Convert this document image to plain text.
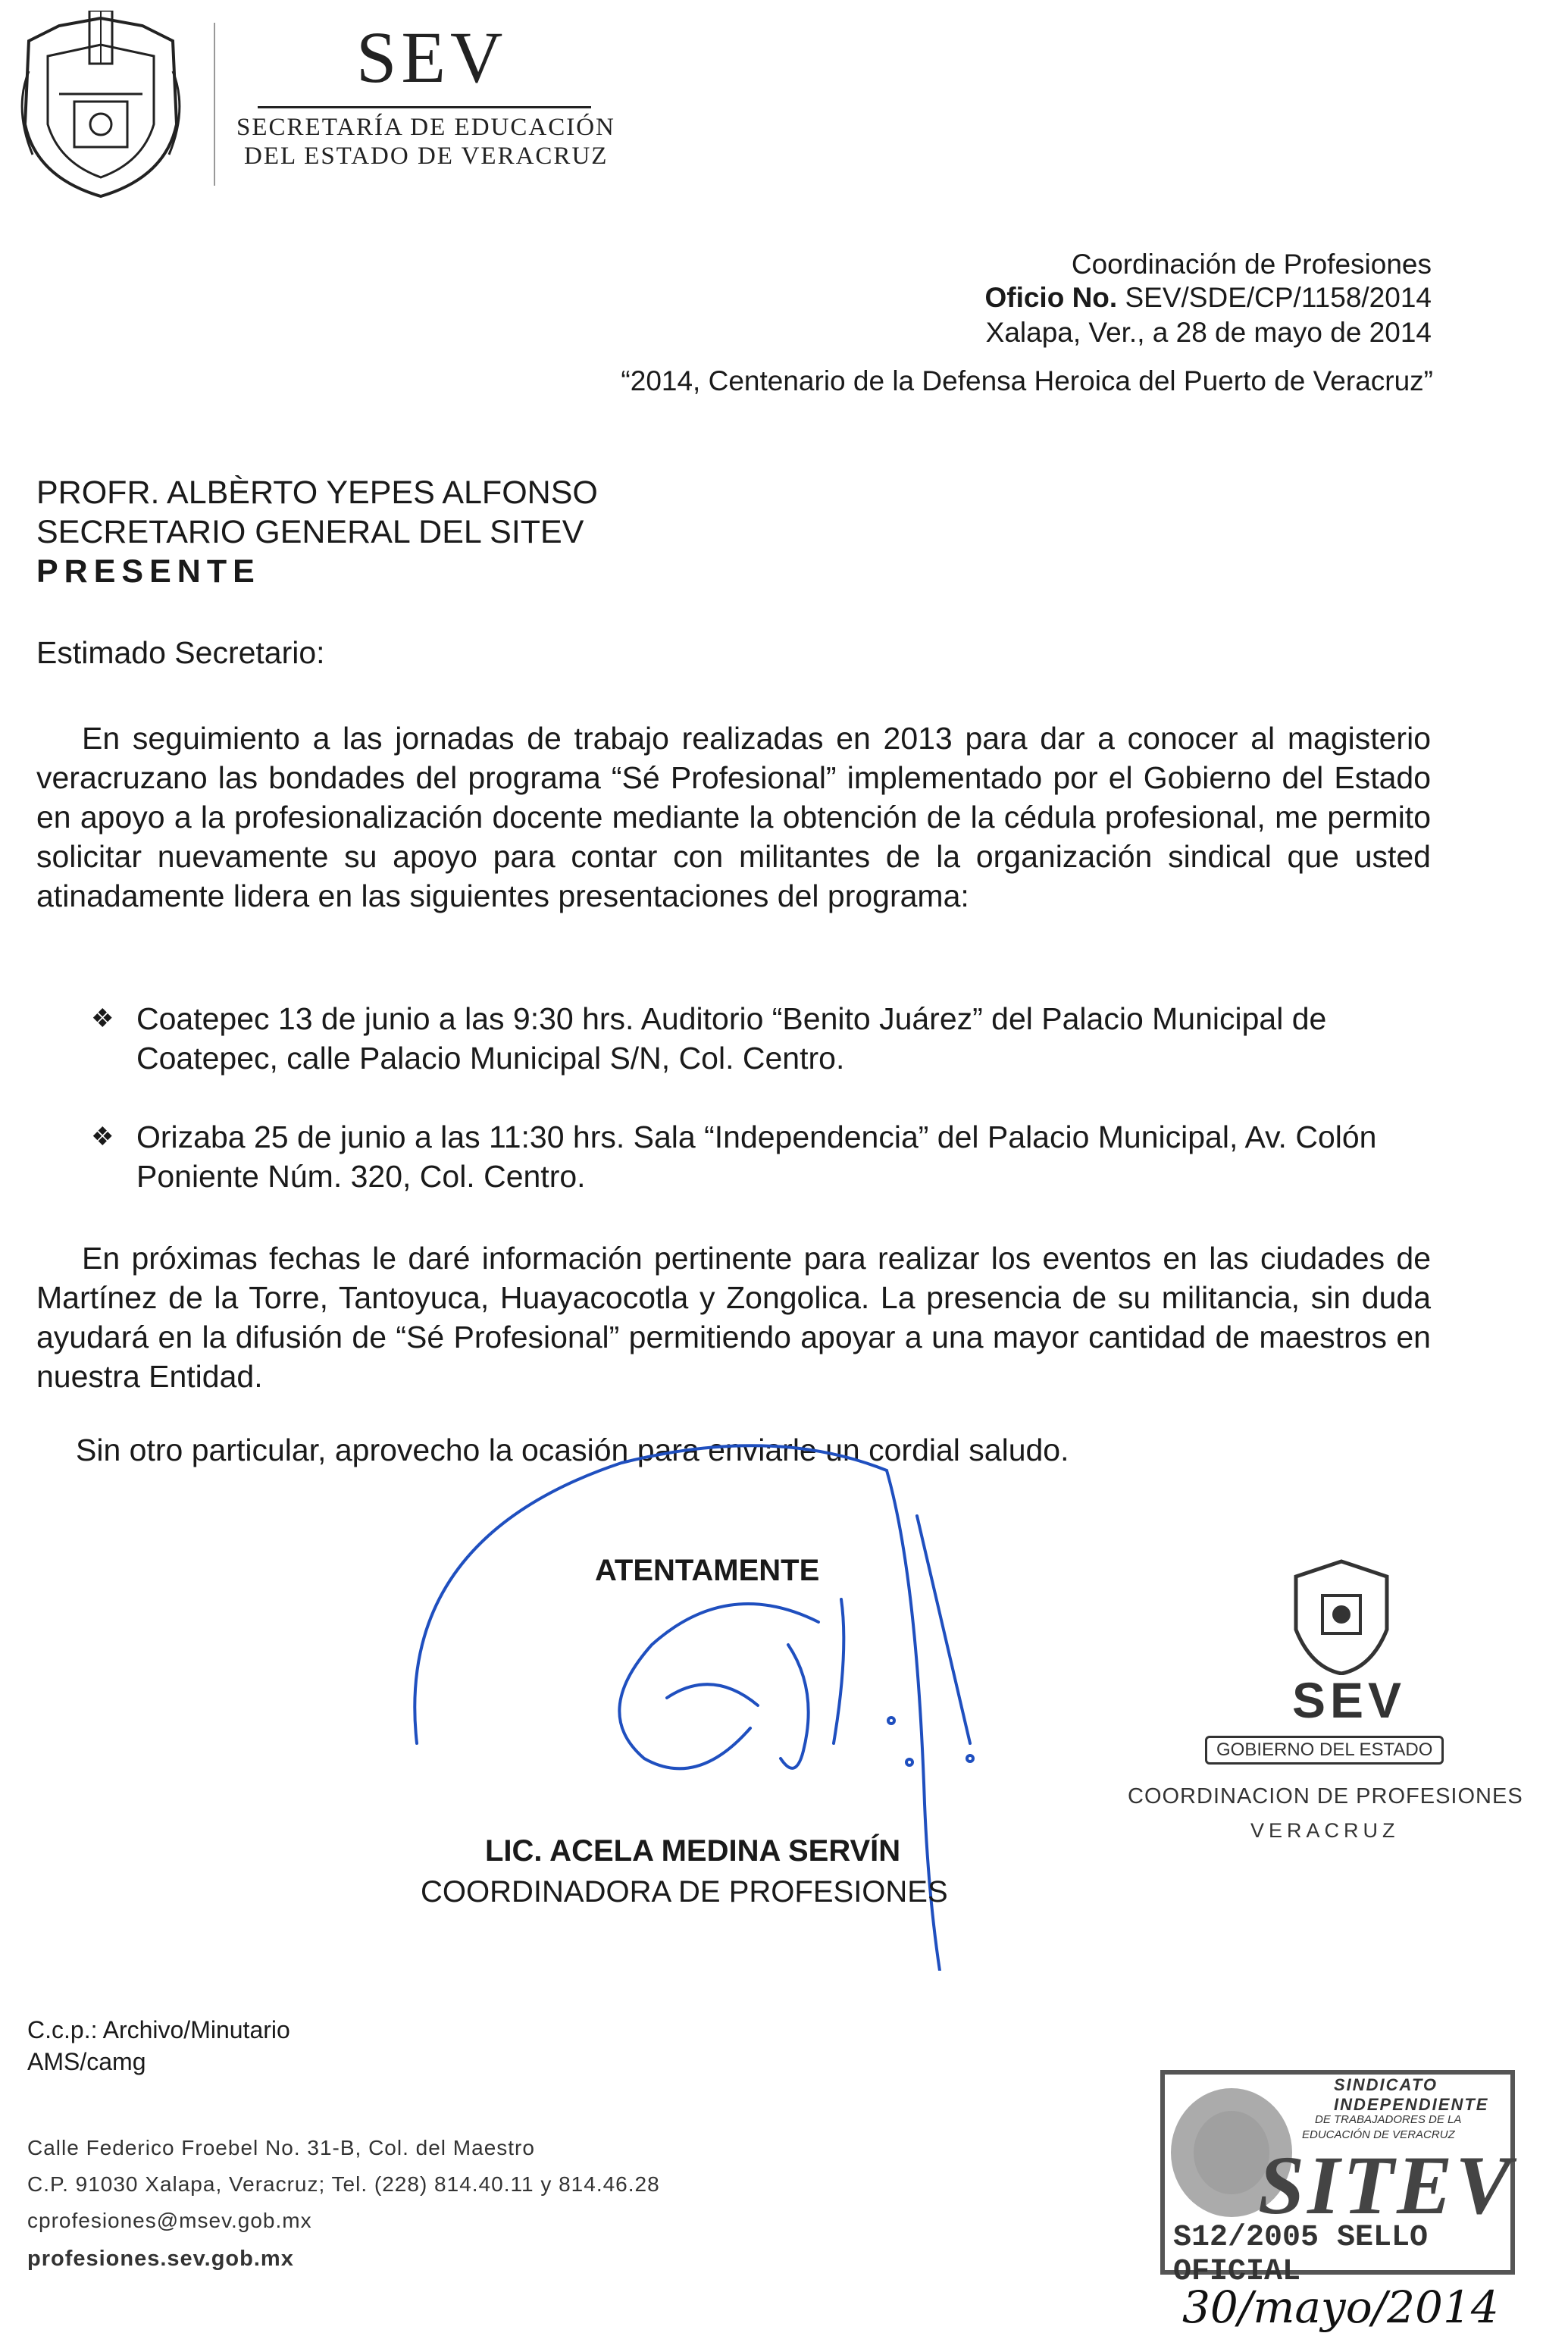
SEV
SECRETARÍA DE EDUCACIÓN
DEL ESTADO DE VERACRUZ
Coordinación de Profesiones
Oficio No. SEV/SDE/CP/1158/2014
Xalapa, Ver., a 28 de mayo de 2014
“2014, Centenario de la Defensa Heroica del Puerto de Veracruz”
PROFR. ALBÈRTO YEPES ALFONSO
SECRETARIO GENERAL DEL SITEV
PRESENTE
Estimado Secretario:
En seguimiento a las jornadas de trabajo realizadas en 2013 para dar a conocer al magisterio veracruzano las bondades del programa “Sé Profesional” implementado por el Gobierno del Estado en apoyo a la profesionalización docente mediante la obtención de la cédula profesional, me permito solicitar nuevamente su apoyo para contar con militantes de la organización sindical que usted atinadamente lidera en las siguientes presentaciones del programa:
❖ Coatepec 13 de junio a las 9:30 hrs. Auditorio “Benito Juárez” del Palacio Municipal de Coatepec, calle Palacio Municipal S/N, Col. Centro.
❖ Orizaba 25 de junio a las 11:30 hrs. Sala “Independencia” del Palacio Municipal, Av. Colón Poniente Núm. 320, Col. Centro.
En próximas fechas le daré información pertinente para realizar los eventos en las ciudades de Martínez de la Torre, Tantoyuca, Huayacocotla y Zongolica. La presencia de su militancia, sin duda ayudará en la difusión de “Sé Profesional” permitiendo apoyar a una mayor cantidad de maestros en nuestra Entidad.
Sin otro particular, aprovecho la ocasión para enviarle un cordial saludo.
ATENTAMENTE
LIC. ACELA MEDINA SERVÍN
COORDINADORA DE PROFESIONES
C.c.p.: Archivo/Minutario
AMS/camg
Calle Federico Froebel No. 31-B, Col. del Maestro
C.P. 91030 Xalapa, Veracruz; Tel. (228) 814.40.11 y 814.46.28
cprofesiones@msev.gob.mx
profesiones.sev.gob.mx
SEV
GOBIERNO DEL ESTADO
COORDINACION DE PROFESIONES
VERACRUZ
SINDICATO INDEPENDIENTE
DE TRABAJADORES DE LA
EDUCACIÓN DE VERACRUZ
SITEV
S12/2005 SELLO OFICIAL
30/mayo/2014
